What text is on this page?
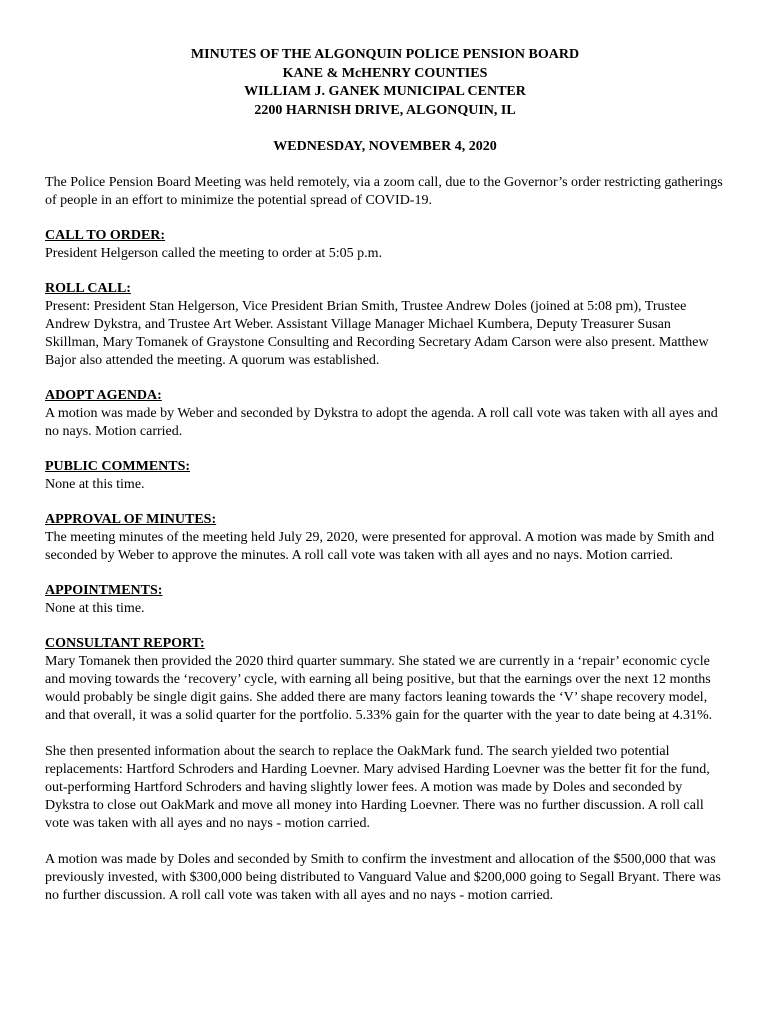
MINUTES OF THE ALGONQUIN POLICE PENSION BOARD
KANE & McHENRY COUNTIES
WILLIAM J. GANEK MUNICIPAL CENTER
2200 HARNISH DRIVE, ALGONQUIN, IL
WEDNESDAY, NOVEMBER 4, 2020

The Police Pension Board Meeting was held remotely, via a zoom call, due to the Governor’s order restricting gatherings of people in an effort to minimize the potential spread of COVID-19.

CALL TO ORDER:

President Helgerson called the meeting to order at 5:05 p.m.

ROLL CALL:

Present: President Stan Helgerson, Vice President Brian Smith, Trustee Andrew Doles (joined at 5:08 pm), Trustee Andrew Dykstra, and Trustee Art Weber. Assistant Village Manager Michael Kumbera, Deputy Treasurer Susan Skillman, Mary Tomanek of Graystone Consulting and Recording Secretary Adam Carson were also present. Matthew Bajor also attended the meeting. A quorum was established.

ADOPT AGENDA:

A motion was made by Weber and seconded by Dykstra to adopt the agenda. A roll call vote was taken with all ayes and no nays. Motion carried.

PUBLIC COMMENTS:

None at this time.

APPROVAL OF MINUTES:

The meeting minutes of the meeting held July 29, 2020, were presented for approval. A motion was made by Smith and seconded by Weber to approve the minutes. A roll call vote was taken with all ayes and no nays. Motion carried.

APPOINTMENTS:

None at this time.

CONSULTANT REPORT:

Mary Tomanek then provided the 2020 third quarter summary. She stated we are currently in a ‘repair’ economic cycle and moving towards the ‘recovery’ cycle, with earning all being positive, but that the earnings over the next 12 months would probably be single digit gains. She added there are many factors leaning towards the ‘V’ shape recovery model, and that overall, it was a solid quarter for the portfolio. 5.33% gain for the quarter with the year to date being at 4.31%.

She then presented information about the search to replace the OakMark fund. The search yielded two potential replacements: Hartford Schroders and Harding Loevner. Mary advised Harding Loevner was the better fit for the fund, out-performing Hartford Schroders and having slightly lower fees. A motion was made by Doles and seconded by Dykstra to close out OakMark and move all money into Harding Loevner. There was no further discussion. A roll call vote was taken with all ayes and no nays - motion carried.

A motion was made by Doles and seconded by Smith to confirm the investment and allocation of the $500,000 that was previously invested, with $300,000 being distributed to Vanguard Value and $200,000 going to Segall Bryant. There was no further discussion. A roll call vote was taken with all ayes and no nays - motion carried.
